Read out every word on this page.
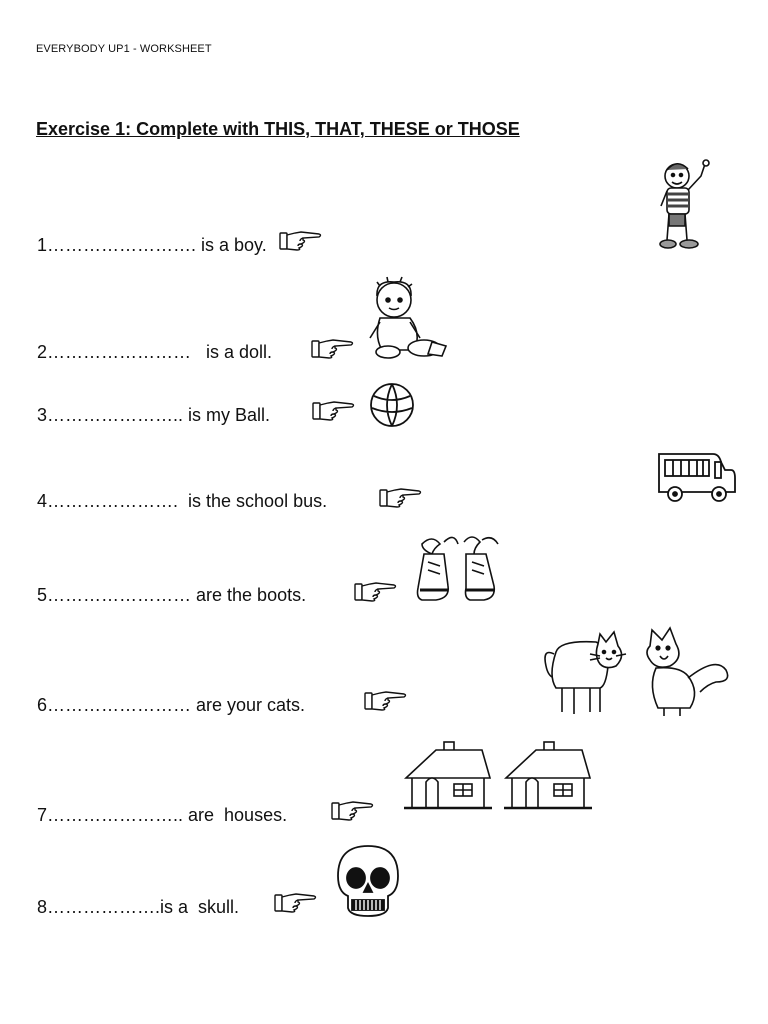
EVERYBODY UP1 - WORKSHEET
Exercise 1: Complete with THIS, THAT, THESE or THOSE
1……………………. is a boy.
2……………………   is a doll.
3………………….. is my Ball.
4………………….  is the school bus.
5…………………… are the boots.
6…………………… are your cats.
7………………….. are  houses.
8……………….is a  skull.
